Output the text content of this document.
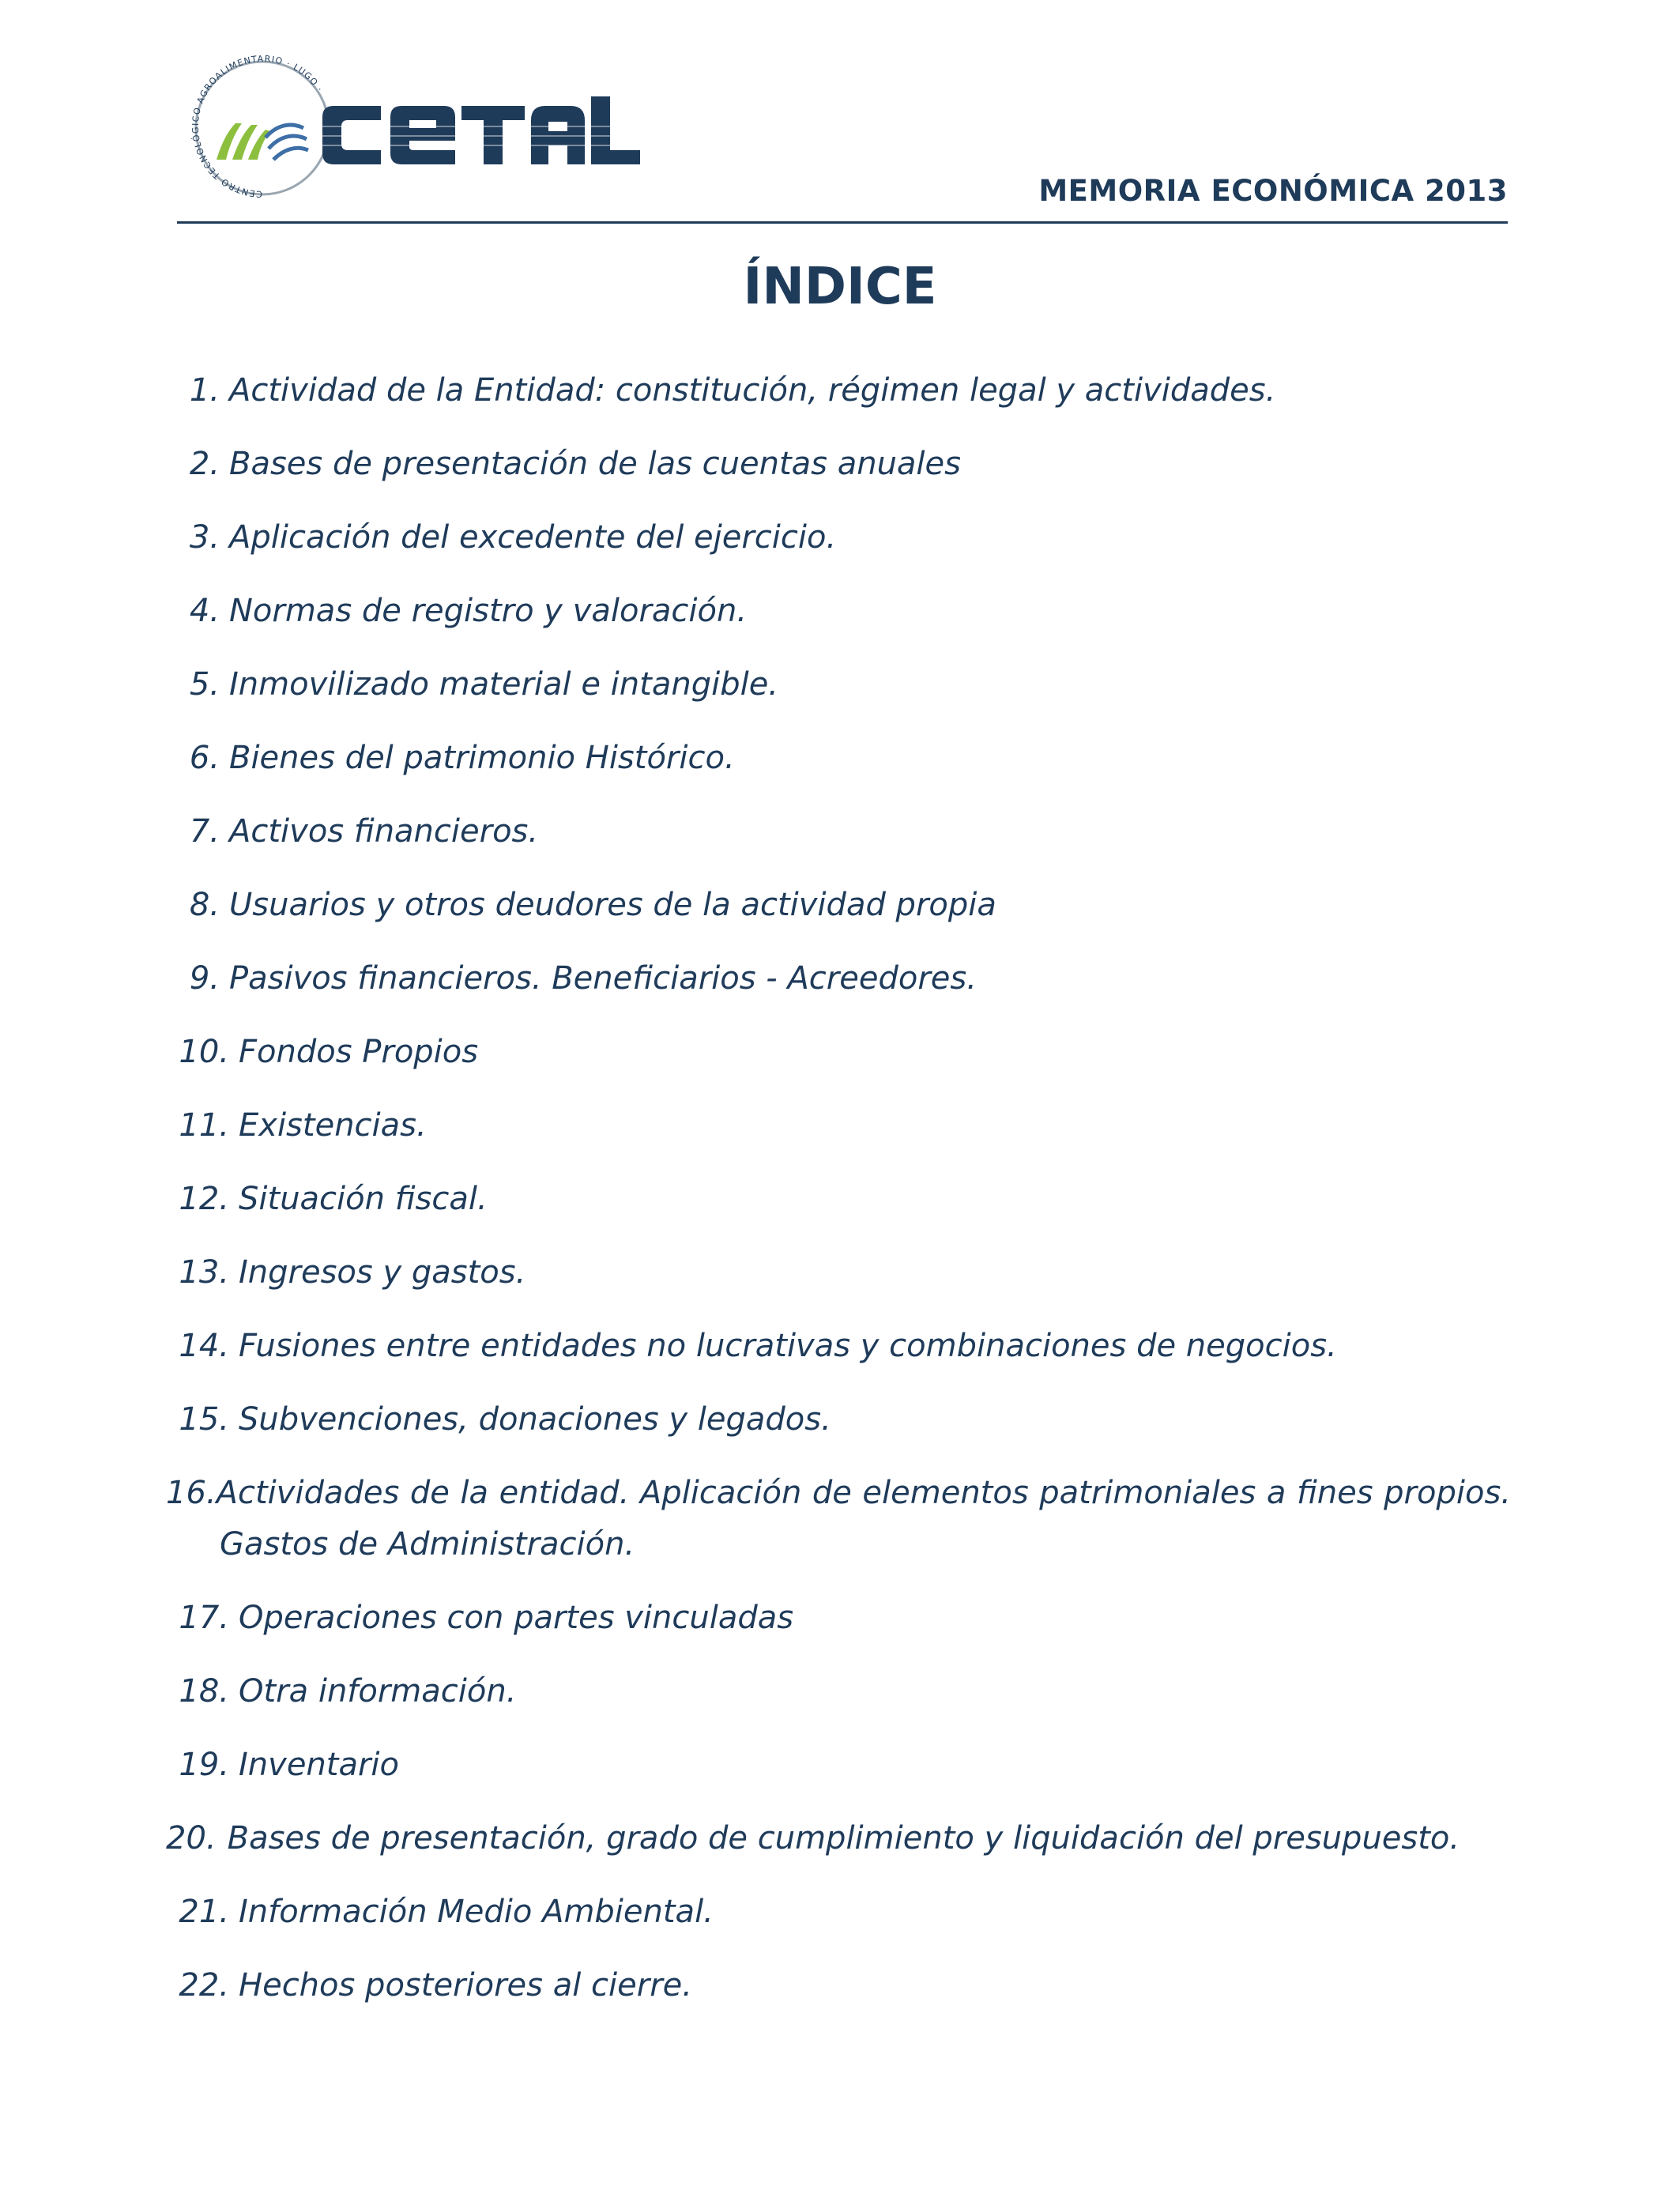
CENTRO TECNOLÓGICO AGROALIMENTARIO · LUGO ·
CETAL
MEMORIA ECONÓMICA 2013
ÍNDICE
1. Actividad de la Entidad: constitución, régimen legal y actividades.
2. Bases de presentación de las cuentas anuales
3. Aplicación del excedente del ejercicio.
4. Normas de registro y valoración.
5. Inmovilizado material e intangible.
6. Bienes del patrimonio Histórico.
7. Activos financieros.
8. Usuarios y otros deudores de la actividad propia
9. Pasivos financieros. Beneficiarios - Acreedores.
10. Fondos Propios
11. Existencias.
12. Situación fiscal.
13. Ingresos y gastos.
14. Fusiones entre entidades no lucrativas y combinaciones de negocios.
15. Subvenciones, donaciones y legados.
16.Actividades de la entidad. Aplicación de elementos patrimoniales a fines propios. Gastos de Administración.
17. Operaciones con partes vinculadas
18. Otra información.
19. Inventario
20. Bases de presentación, grado de cumplimiento y liquidación del presupuesto.
21. Información Medio Ambiental.
22. Hechos posteriores al cierre.
